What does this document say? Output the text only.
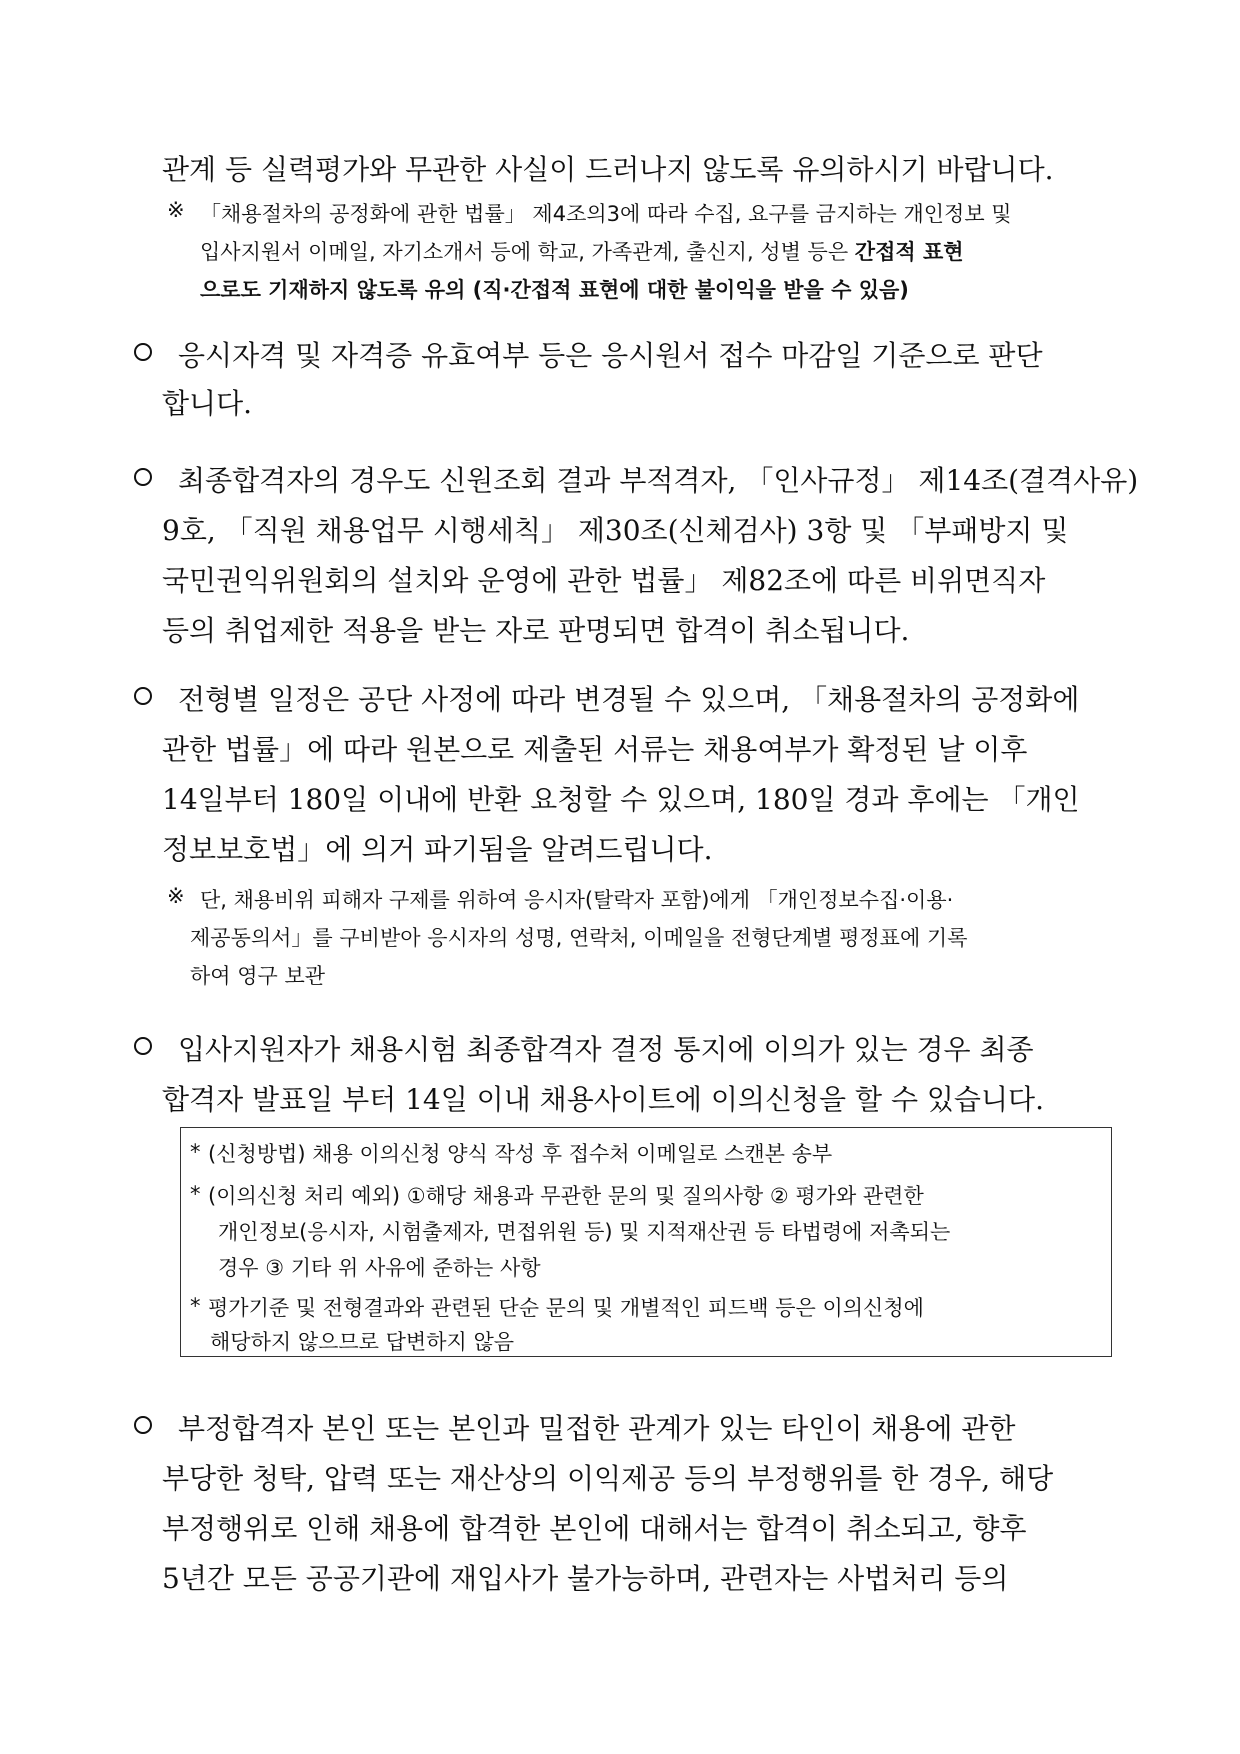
관계 등 실력평가와 무관한 사실이 드러나지 않도록 유의하시기 바랍니다.
※ 「채용절차의 공정화에 관한 법률」 제4조의3에 따라 수집, 요구를 금지하는 개인정보 및
입사지원서 이메일, 자기소개서 등에 학교, 가족관계, 출신지, 성별 등은 간접적 표현
으로도 기재하지 않도록 유의 (직·간접적 표현에 대한 불이익을 받을 수 있음)
응시자격 및 자격증 유효여부 등은 응시원서 접수 마감일 기준으로 판단
합니다.
최종합격자의 경우도 신원조회 결과 부적격자, 「인사규정」 제14조(결격사유)
9호, 「직원 채용업무 시행세칙」 제30조(신체검사) 3항 및 「부패방지 및
국민권익위원회의 설치와 운영에 관한 법률」 제82조에 따른 비위면직자
등의 취업제한 적용을 받는 자로 판명되면 합격이 취소됩니다.
전형별 일정은 공단 사정에 따라 변경될 수 있으며, 「채용절차의 공정화에
관한 법률」에 따라 원본으로 제출된 서류는 채용여부가 확정된 날 이후
14일부터 180일 이내에 반환 요청할 수 있으며, 180일 경과 후에는 「개인
정보보호법」에 의거 파기됨을 알려드립니다.
※ 단, 채용비위 피해자 구제를 위하여 응시자(탈락자 포함)에게 「개인정보수집·이용·
제공동의서」를 구비받아 응시자의 성명, 연락처, 이메일을 전형단계별 평정표에 기록
하여 영구 보관
입사지원자가 채용시험 최종합격자 결정 통지에 이의가 있는 경우 최종
합격자 발표일 부터 14일 이내 채용사이트에 이의신청을 할 수 있습니다.
* (신청방법) 채용 이의신청 양식 작성 후 접수처 이메일로 스캔본 송부
* (이의신청 처리 예외) ①해당 채용과 무관한 문의 및 질의사항 ② 평가와 관련한
개인정보(응시자, 시험출제자, 면접위원 등) 및 지적재산권 등 타법령에 저촉되는
경우 ③ 기타 위 사유에 준하는 사항
* 평가기준 및 전형결과와 관련된 단순 문의 및 개별적인 피드백 등은 이의신청에
해당하지 않으므로 답변하지 않음
부정합격자 본인 또는 본인과 밀접한 관계가 있는 타인이 채용에 관한
부당한 청탁, 압력 또는 재산상의 이익제공 등의 부정행위를 한 경우, 해당
부정행위로 인해 채용에 합격한 본인에 대해서는 합격이 취소되고, 향후
5년간 모든 공공기관에 재입사가 불가능하며, 관련자는 사법처리 등의
